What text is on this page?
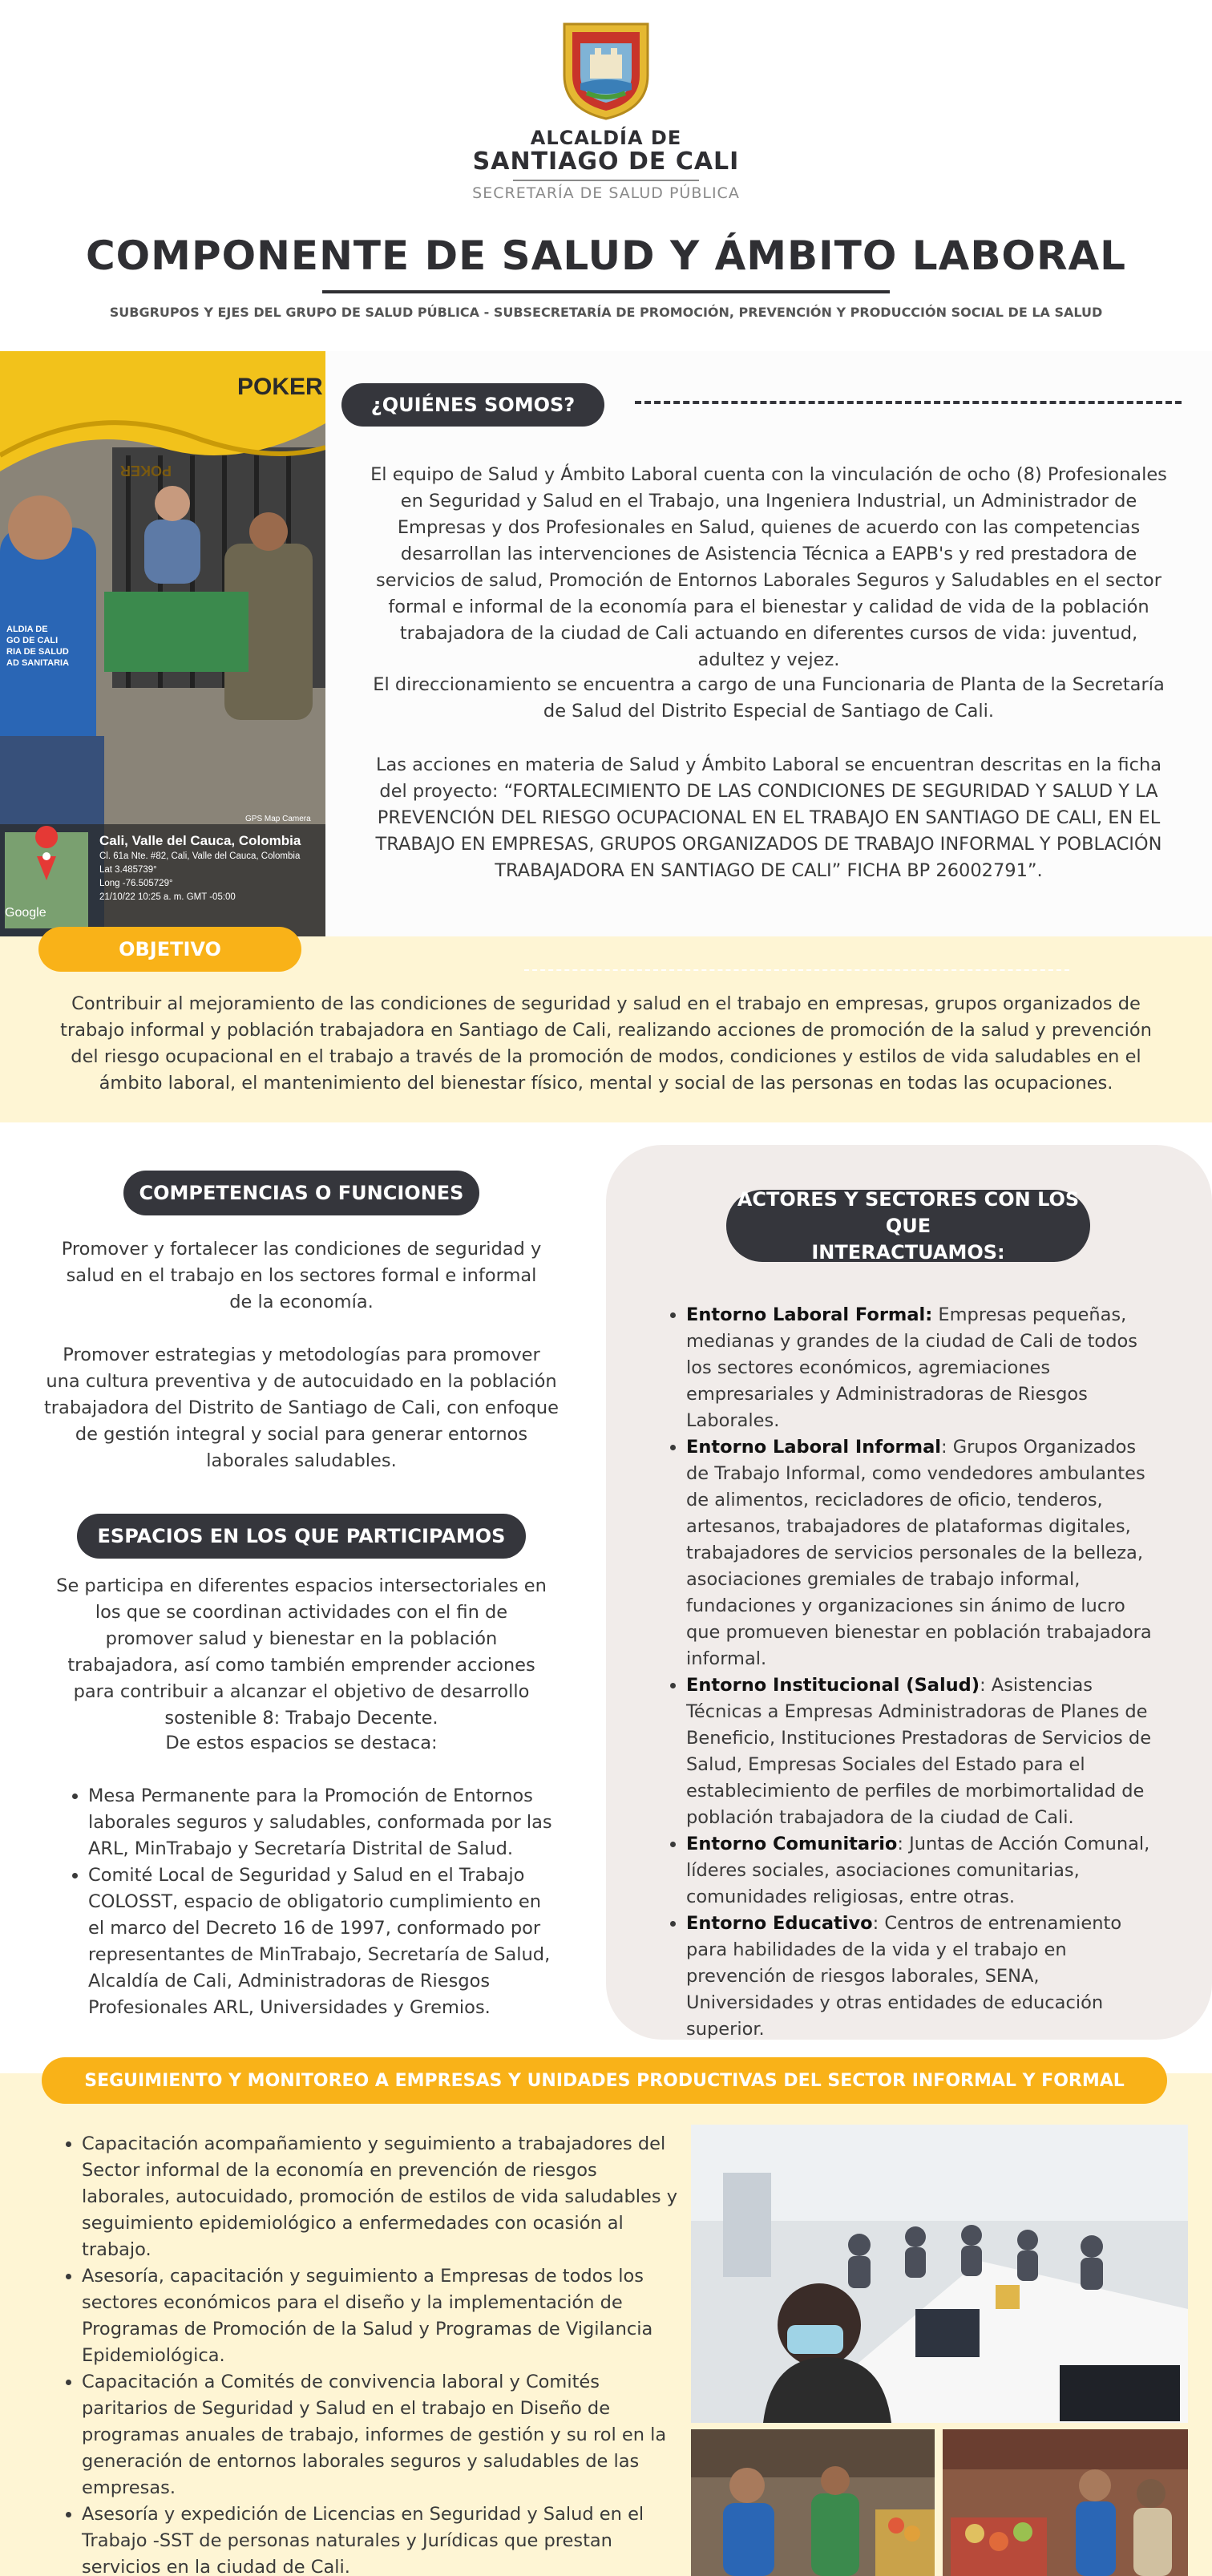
ALCALDÍA DE
SANTIAGO DE CALI
SECRETARÍA DE SALUD PÚBLICA
COMPONENTE DE SALUD Y ÁMBITO LABORAL
SUBGRUPOS Y EJES DEL GRUPO DE SALUD PÚBLICA - SUBSECRETARÍA DE PROMOCIÓN, PREVENCIÓN Y PRODUCCIÓN SOCIAL DE LA SALUD
ALDIA DE
GO DE CALI
RIA DE SALUD
AD SANITARIA
POKER
POKER
GPS Map Camera
Google
Cali, Valle del Cauca, Colombia
Cl. 61a Nte. #82, Cali, Valle del Cauca, Colombia
Lat 3.485739°
Long -76.505729°
21/10/22 10:25 a. m. GMT -05:00
¿QUIÉNES SOMOS?
El equipo de Salud y Ámbito Laboral cuenta con la vinculación de ocho (8) Profesionales en Seguridad y Salud en el Trabajo, una Ingeniera Industrial, un Administrador de Empresas y dos Profesionales en Salud, quienes de acuerdo con las competencias desarrollan las intervenciones de Asistencia Técnica a EAPB's y red prestadora de servicios de salud, Promoción de Entornos Laborales Seguros y Saludables en el sector formal e informal de la economía para el bienestar y calidad de vida de la población trabajadora de la ciudad de Cali actuando en diferentes cursos de vida: juventud, adultez y vejez.
El direccionamiento se encuentra a cargo de una Funcionaria de Planta de la Secretaría de Salud del Distrito Especial de Santiago de Cali.
Las acciones en materia de Salud y Ámbito Laboral se encuentran descritas en la ficha del proyecto: “FORTALECIMIENTO DE LAS CONDICIONES DE SEGURIDAD Y SALUD Y LA PREVENCIÓN DEL RIESGO OCUPACIONAL EN EL TRABAJO EN SANTIAGO DE CALI, EN EL TRABAJO EN EMPRESAS, GRUPOS ORGANIZADOS DE TRABAJO INFORMAL Y POBLACIÓN TRABAJADORA EN SANTIAGO DE CALI” FICHA BP 26002791”.
OBJETIVO
Contribuir al mejoramiento de las condiciones de seguridad y salud en el trabajo en empresas, grupos organizados de trabajo informal y población trabajadora en Santiago de Cali, realizando acciones de promoción de la salud y prevención del riesgo ocupacional en el trabajo a través de la promoción de modos, condiciones y estilos de vida saludables en el ámbito laboral, el mantenimiento del bienestar físico, mental y social de las personas en todas las ocupaciones.
COMPETENCIAS O FUNCIONES
Promover y fortalecer las condiciones de seguridad y salud en el trabajo en los sectores formal e informal de la economía.
Promover estrategias y metodologías para promover una cultura preventiva y de autocuidado en la población trabajadora del Distrito de Santiago de Cali, con enfoque de gestión integral y social para generar entornos laborales saludables.
ESPACIOS EN LOS QUE PARTICIPAMOS
Se participa en diferentes espacios intersectoriales en los que se coordinan actividades con el fin de promover salud y bienestar en la población trabajadora, así como también emprender acciones para contribuir a alcanzar el objetivo de desarrollo sostenible 8: Trabajo Decente.
De estos espacios se destaca:
• Mesa Permanente para la Promoción de Entornos laborales seguros y saludables, conformada por las ARL, MinTrabajo y Secretaría Distrital de Salud.
• Comité Local de Seguridad y Salud en el Trabajo COLOSST, espacio de obligatorio cumplimiento en el marco del Decreto 16 de 1997, conformado por representantes de MinTrabajo, Secretaría de Salud, Alcaldía de Cali, Administradoras de Riesgos Profesionales ARL, Universidades y Gremios.
ACTORES Y SECTORES CON LOS QUE
INTERACTUAMOS:
• Entorno Laboral Formal: Empresas pequeñas, medianas y grandes de la ciudad de Cali de todos los sectores económicos, agremiaciones empresariales y Administradoras de Riesgos Laborales.
• Entorno Laboral Informal: Grupos Organizados de Trabajo Informal, como vendedores ambulantes de alimentos, recicladores de oficio, tenderos, artesanos, trabajadores de plataformas digitales, trabajadores de servicios personales de la belleza, asociaciones gremiales de trabajo informal, fundaciones y organizaciones sin ánimo de lucro que promueven bienestar en población trabajadora informal.
• Entorno Institucional (Salud): Asistencias Técnicas a Empresas Administradoras de Planes de Beneficio, Instituciones Prestadoras de Servicios de Salud, Empresas Sociales del Estado para el establecimiento de perfiles de morbimortalidad de población trabajadora de la ciudad de Cali.
• Entorno Comunitario: Juntas de Acción Comunal, líderes sociales, asociaciones comunitarias, comunidades religiosas, entre otras.
• Entorno Educativo: Centros de entrenamiento para habilidades de la vida y el trabajo en prevención de riesgos laborales, SENA, Universidades y otras entidades de educación superior.
SEGUIMIENTO Y MONITOREO A EMPRESAS Y UNIDADES PRODUCTIVAS DEL SECTOR INFORMAL Y FORMAL
• Capacitación acompañamiento y seguimiento a trabajadores del Sector informal de la economía en prevención de riesgos laborales, autocuidado, promoción de estilos de vida saludables y seguimiento epidemiológico a enfermedades con ocasión al trabajo.
• Asesoría, capacitación y seguimiento a Empresas de todos los sectores económicos para el diseño y la implementación de Programas de Promoción de la Salud y Programas de Vigilancia Epidemiológica.
• Capacitación a Comités de convivencia laboral y Comités paritarios de Seguridad y Salud en el trabajo en Diseño de programas anuales de trabajo, informes de gestión y su rol en la generación de entornos laborales seguros y saludables de las empresas.
• Asesoría y expedición de Licencias en Seguridad y Salud en el Trabajo -SST de personas naturales y Jurídicas que prestan servicios en la ciudad de Cali.
